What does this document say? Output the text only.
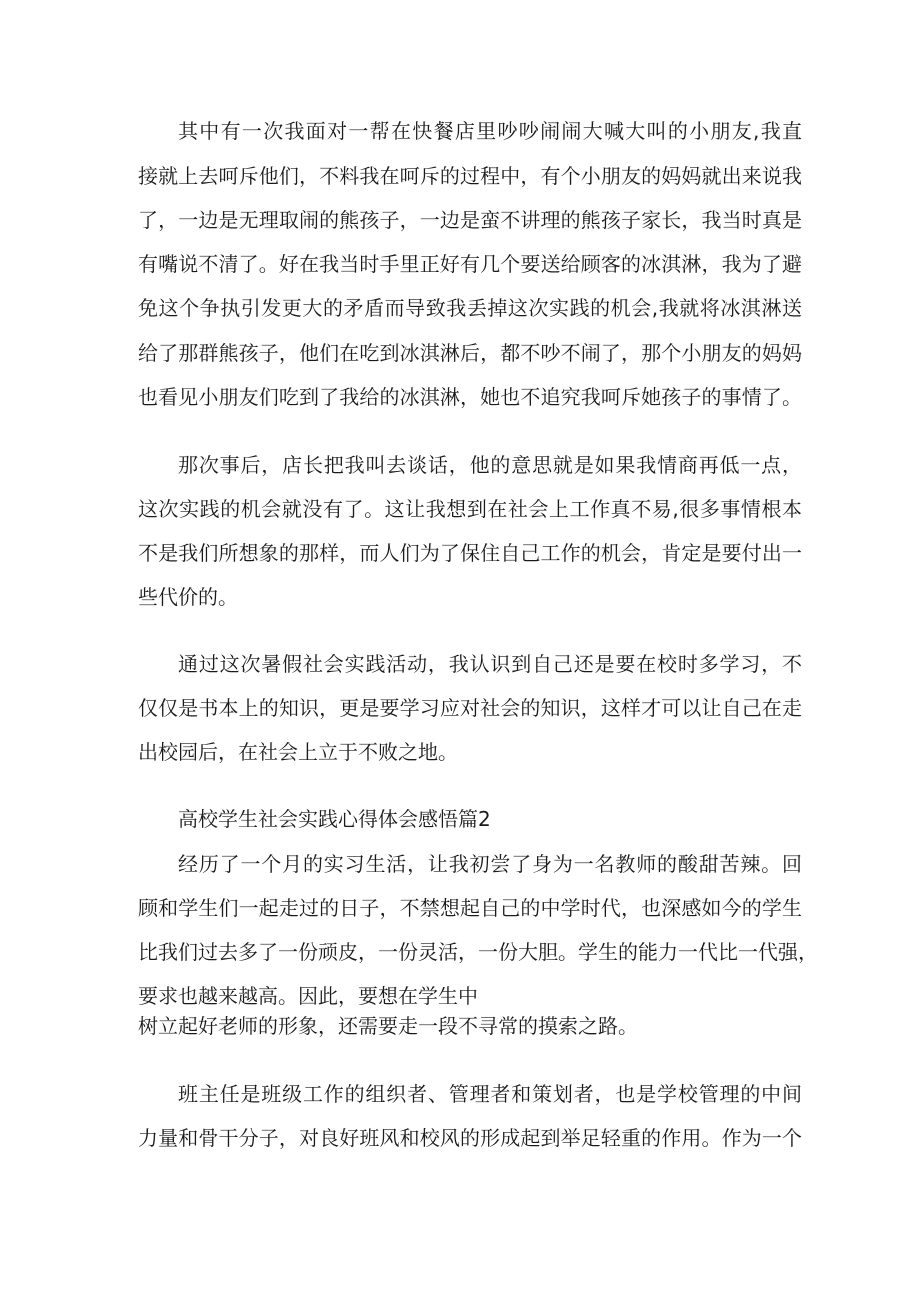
其中有一次我面对一帮在快餐店里吵吵闹闹大喊大叫的小朋友,我直
接就上去呵斥他们，不料我在呵斥的过程中，有个小朋友的妈妈就出来说我
了，一边是无理取闹的熊孩子，一边是蛮不讲理的熊孩子家长，我当时真是
有嘴说不清了。好在我当时手里正好有几个要送给顾客的冰淇淋，我为了避
免这个争执引发更大的矛盾而导致我丢掉这次实践的机会,我就将冰淇淋送
给了那群熊孩子，他们在吃到冰淇淋后，都不吵不闹了，那个小朋友的妈妈
也看见小朋友们吃到了我给的冰淇淋，她也不追究我呵斥她孩子的事情了。
那次事后，店长把我叫去谈话，他的意思就是如果我情商再低一点，
这次实践的机会就没有了。这让我想到在社会上工作真不易,很多事情根本
不是我们所想象的那样，而人们为了保住自己工作的机会，肯定是要付出一
些代价的。
通过这次暑假社会实践活动，我认识到自己还是要在校时多学习，不
仅仅是书本上的知识，更是要学习应对社会的知识，这样才可以让自己在走
出校园后，在社会上立于不败之地。
高校学生社会实践心得体会感悟篇2
经历了一个月的实习生活，让我初尝了身为一名教师的酸甜苦辣。回
顾和学生们一起走过的日子，不禁想起自己的中学时代，也深感如今的学生
比我们过去多了一份顽皮，一份灵活，一份大胆。学生的能力一代比一代强，
要求也越来越高。因此，要想在学生中
树立起好老师的形象，还需要走一段不寻常的摸索之路。
班主任是班级工作的组织者、管理者和策划者，也是学校管理的中间
力量和骨干分子，对良好班风和校风的形成起到举足轻重的作用。作为一个
